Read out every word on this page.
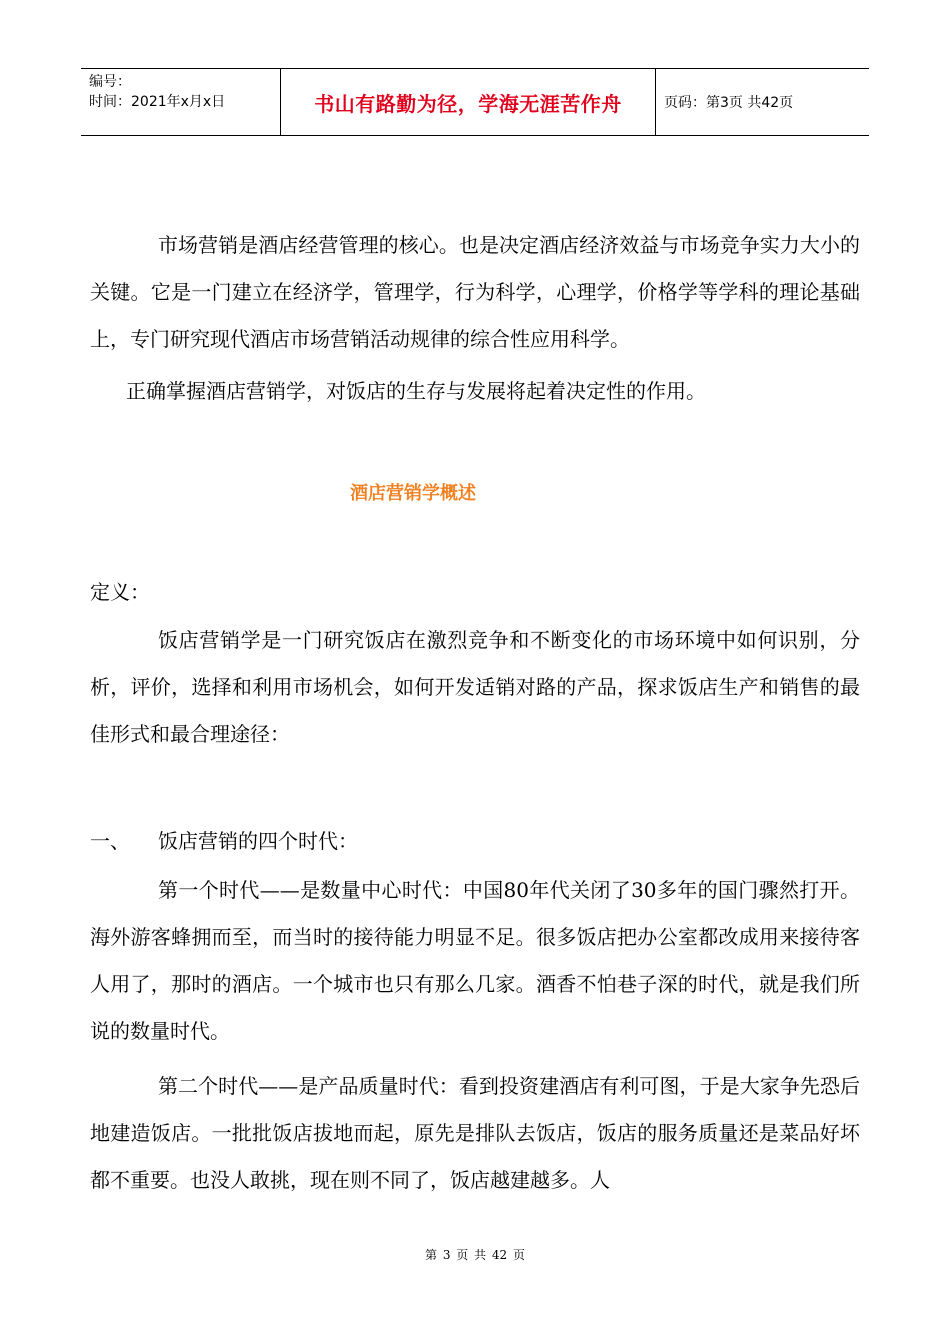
编号：
时间：2021年x月x日	书山有路勤为径，学海无涯苦作舟	页码：第3页 共42页

市场营销是酒店经营管理的核心。也是决定酒店经济效益与市场竞争实力大小的关键。它是一门建立在经济学，管理学，行为科学，心理学，价格学等学科的理论基础上，专门研究现代酒店市场营销活动规律的综合性应用科学。

正确掌握酒店营销学，对饭店的生存与发展将起着决定性的作用。

酒店营销学概述

定义：

饭店营销学是一门研究饭店在激烈竞争和不断变化的市场环境中如何识别，分析，评价，选择和利用市场机会，如何开发适销对路的产品，探求饭店生产和销售的最佳形式和最合理途径：

一、	饭店营销的四个时代：

第一个时代——是数量中心时代：中国80年代关闭了30多年的国门骤然打开。海外游客蜂拥而至，而当时的接待能力明显不足。很多饭店把办公室都改成用来接待客人用了，那时的酒店。一个城市也只有那么几家。酒香不怕巷子深的时代，就是我们所说的数量时代。

第二个时代——是产品质量时代：看到投资建酒店有利可图，于是大家争先恐后地建造饭店。一批批饭店拔地而起，原先是排队去饭店，饭店的服务质量还是菜品好坏都不重要。也没人敢挑，现在则不同了，饭店越建越多。人

第 3 页 共 42 页
